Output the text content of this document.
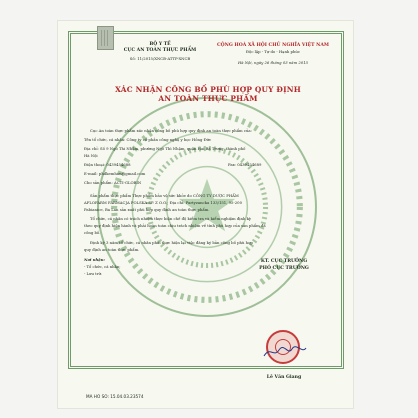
BỘ Y TẾ
CỤC AN TOÀN THỰC PHẨM
Số: 11/2015/XNCB-ATTP-XNCB
CỘNG HOÀ XÃ HỘI CHỦ NGHĨA VIỆT NAM
Độc lập - Tự do - Hạnh phúc
Hà Nội, ngày 26 tháng 03 năm 2015
XÁC NHẬN CÔNG BỐ PHÙ HỢP QUY ĐỊNH
AN TOÀN THỰC PHẨM
Cục An toàn thực phẩm xác nhận công bố phù hợp quy định an toàn thực phẩm của:
Tên tổ chức, cá nhân: Công ty cổ phần công nghệ y học Hồng Đức
Địa chỉ: Số 9 Ngõ Thi Nhậm, phường Ngô Thì Nhậm, quận Hai Bà Trưng, thành phố
Hà Nội
Điện thoại: 0439454688	Fax: 0439454689
E-mail: phdkemhan@gmail.com
Cho sản phẩm: ACTI-GLOBIN
Sản phẩm thực phẩm Thực phẩm bảo vệ sức khỏe do CÔNG TY DƯỢC PHẨM
AFLOFARM FARMACJA POLSKA SP. Z O.O.; Địa chỉ: Partyzancka 133/151, 95-200
Pabianice, Ba Lan sản xuất phù hợp quy định an toàn thực phẩm.
Tổ chức, cá nhân có trách nhiệm thực hiện chế độ kiểm tra và kiểm nghiệm định kỳ
theo quy định hiện hành và phải hoàn toàn chịu trách nhiệm về tính phù hợp của sản phẩm đã
công bố.
Định kỳ 3 năm tổ chức, cá nhân phải thực hiện lại việc đăng ký bản công bố phù hợp
quy định an toàn thực phẩm.
Nơi nhận:
- Tổ chức, cá nhân;
- Lưu trữ.
KT. CỤC TRƯỞNG
PHÓ CỤC TRƯỞNG
Lê Văn Giang
MA HO SO: 15.04.03.23574
